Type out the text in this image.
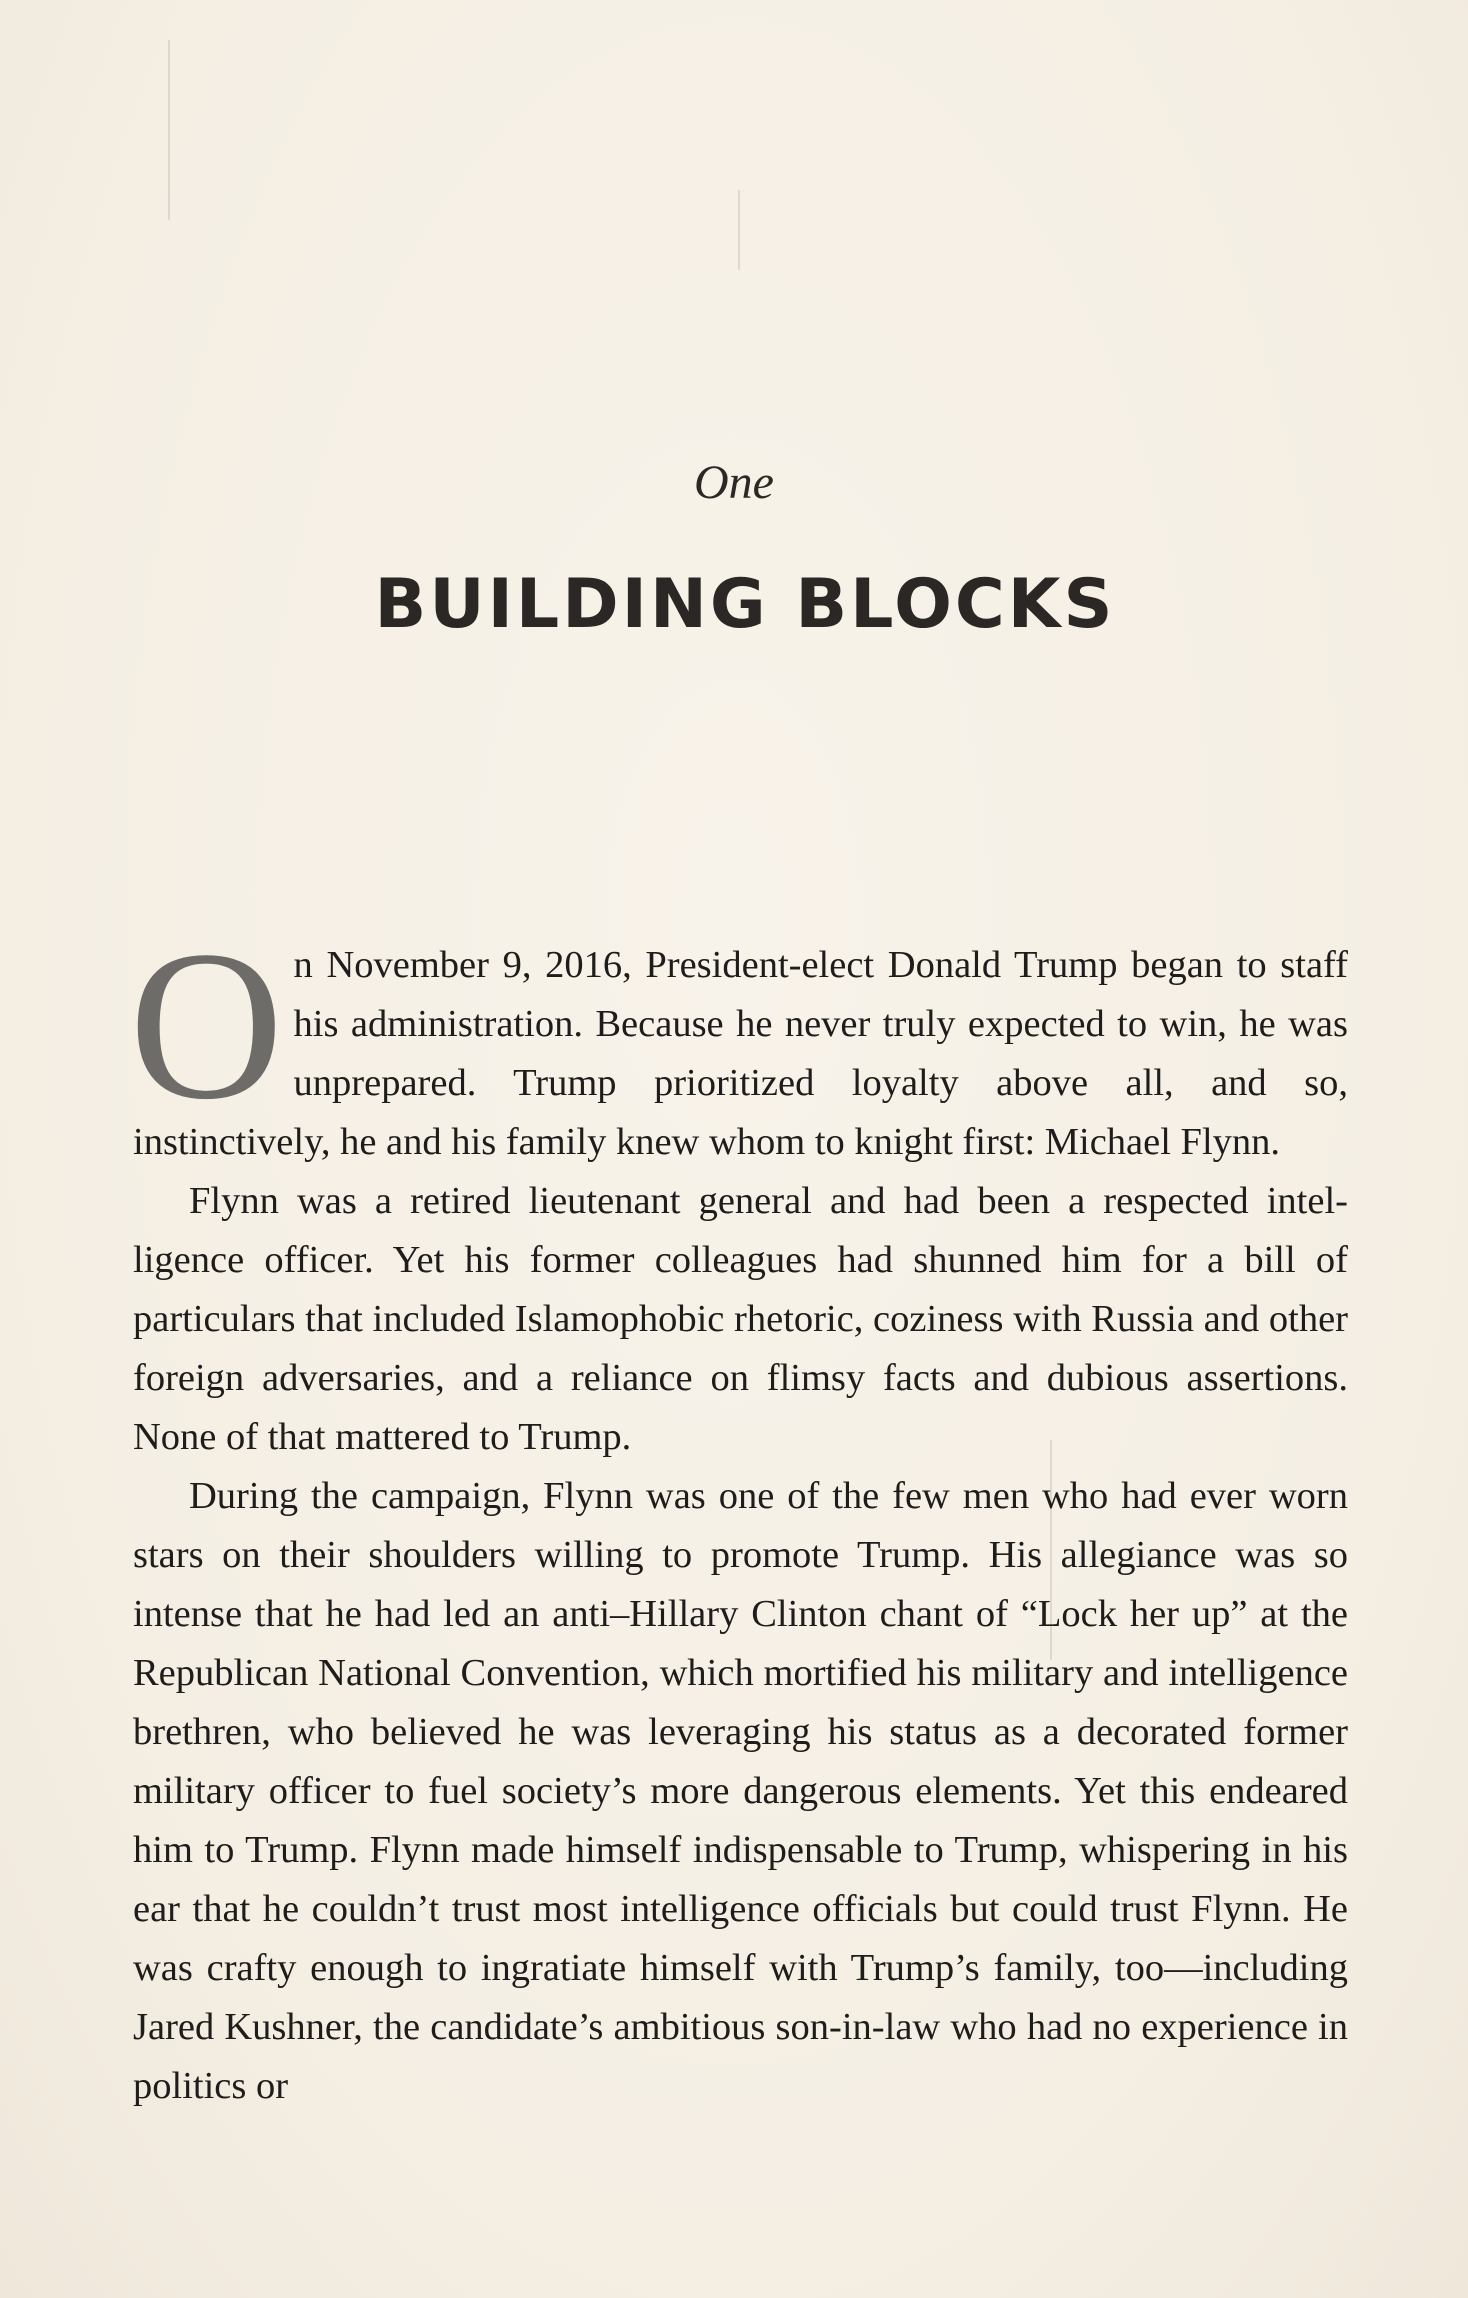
One
BUILDING BLOCKS

On November 9, 2016, President-elect Donald Trump began to staff his administration. Because he never truly expected to win, he was unprepared. Trump prioritized loyalty above all, and so, instinctively, he and his family knew whom to knight first: Michael Flynn.

Flynn was a retired lieutenant general and had been a respected intelligence officer. Yet his former colleagues had shunned him for a bill of particulars that included Islamophobic rhetoric, coziness with Russia and other foreign adversaries, and a reliance on flimsy facts and dubious assertions. None of that mattered to Trump.

During the campaign, Flynn was one of the few men who had ever worn stars on their shoulders willing to promote Trump. His allegiance was so intense that he had led an anti–Hillary Clinton chant of “Lock her up” at the Republican National Convention, which mortified his military and intelligence brethren, who believed he was leveraging his status as a decorated former military officer to fuel society’s more dangerous elements. Yet this endeared him to Trump. Flynn made himself indispensable to Trump, whispering in his ear that he couldn’t trust most intelligence officials but could trust Flynn. He was crafty enough to ingratiate himself with Trump’s family, too—including Jared Kushner, the candidate’s ambitious son-in-law who had no experience in politics or
